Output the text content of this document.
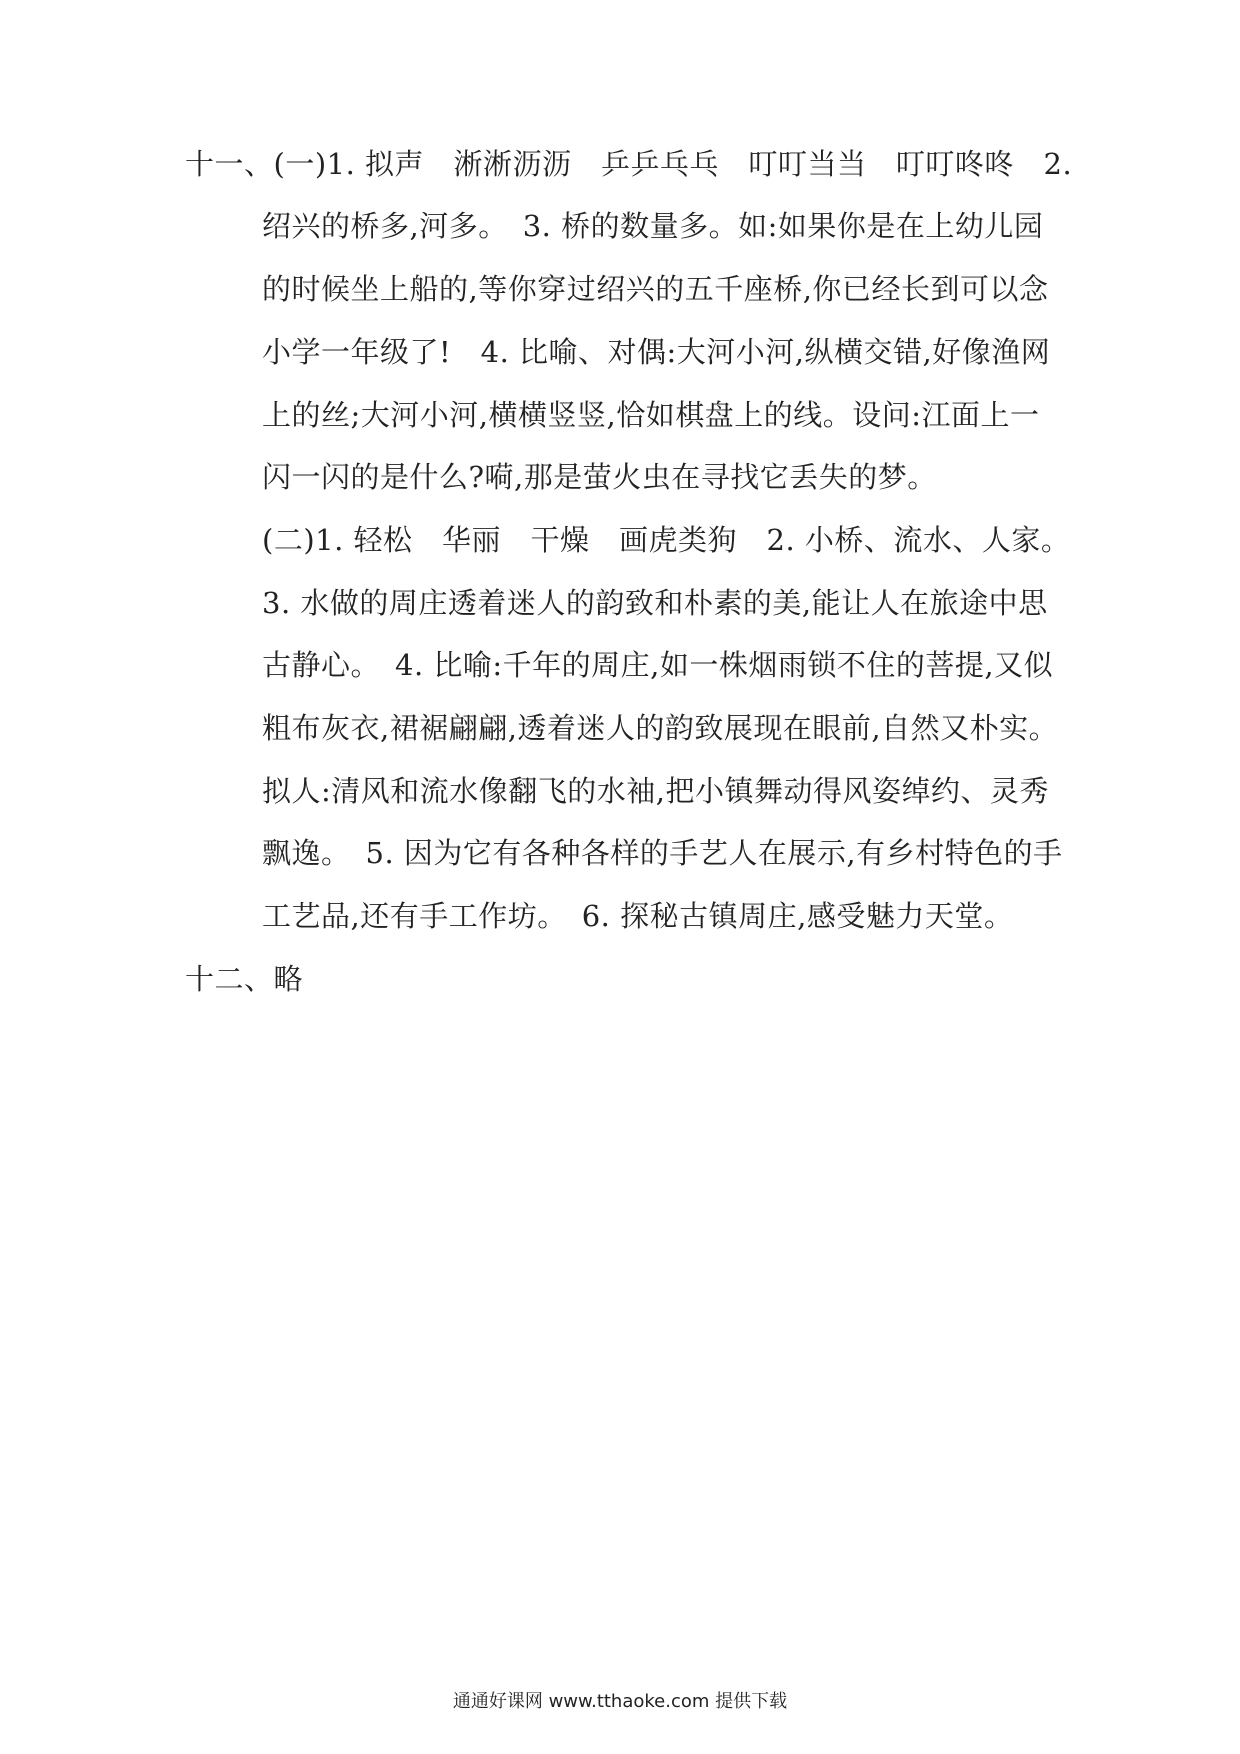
十一、(一)1. 拟声　淅淅沥沥　乒乒乓乓　叮叮当当　叮叮咚咚　2.
绍兴的桥多,河多。　3. 桥的数量多。如:如果你是在上幼儿园
的时候坐上船的,等你穿过绍兴的五千座桥,你已经长到可以念
小学一年级了!　4. 比喻、对偶:大河小河,纵横交错,好像渔网
上的丝;大河小河,横横竖竖,恰如棋盘上的线。设问:江面上一
闪一闪的是什么?嗬,那是萤火虫在寻找它丢失的梦。
(二)1. 轻松　华丽　干燥　画虎类狗　2. 小桥、流水、人家。
3. 水做的周庄透着迷人的韵致和朴素的美,能让人在旅途中思
古静心。　4. 比喻:千年的周庄,如一株烟雨锁不住的菩提,又似
粗布灰衣,裙裾翩翩,透着迷人的韵致展现在眼前,自然又朴实。
拟人:清风和流水像翻飞的水袖,把小镇舞动得风姿绰约、灵秀
飘逸。　5. 因为它有各种各样的手艺人在展示,有乡村特色的手
工艺品,还有手工作坊。　6. 探秘古镇周庄,感受魅力天堂。
十二、略
通通好课网 www.tthaoke.com 提供下载
